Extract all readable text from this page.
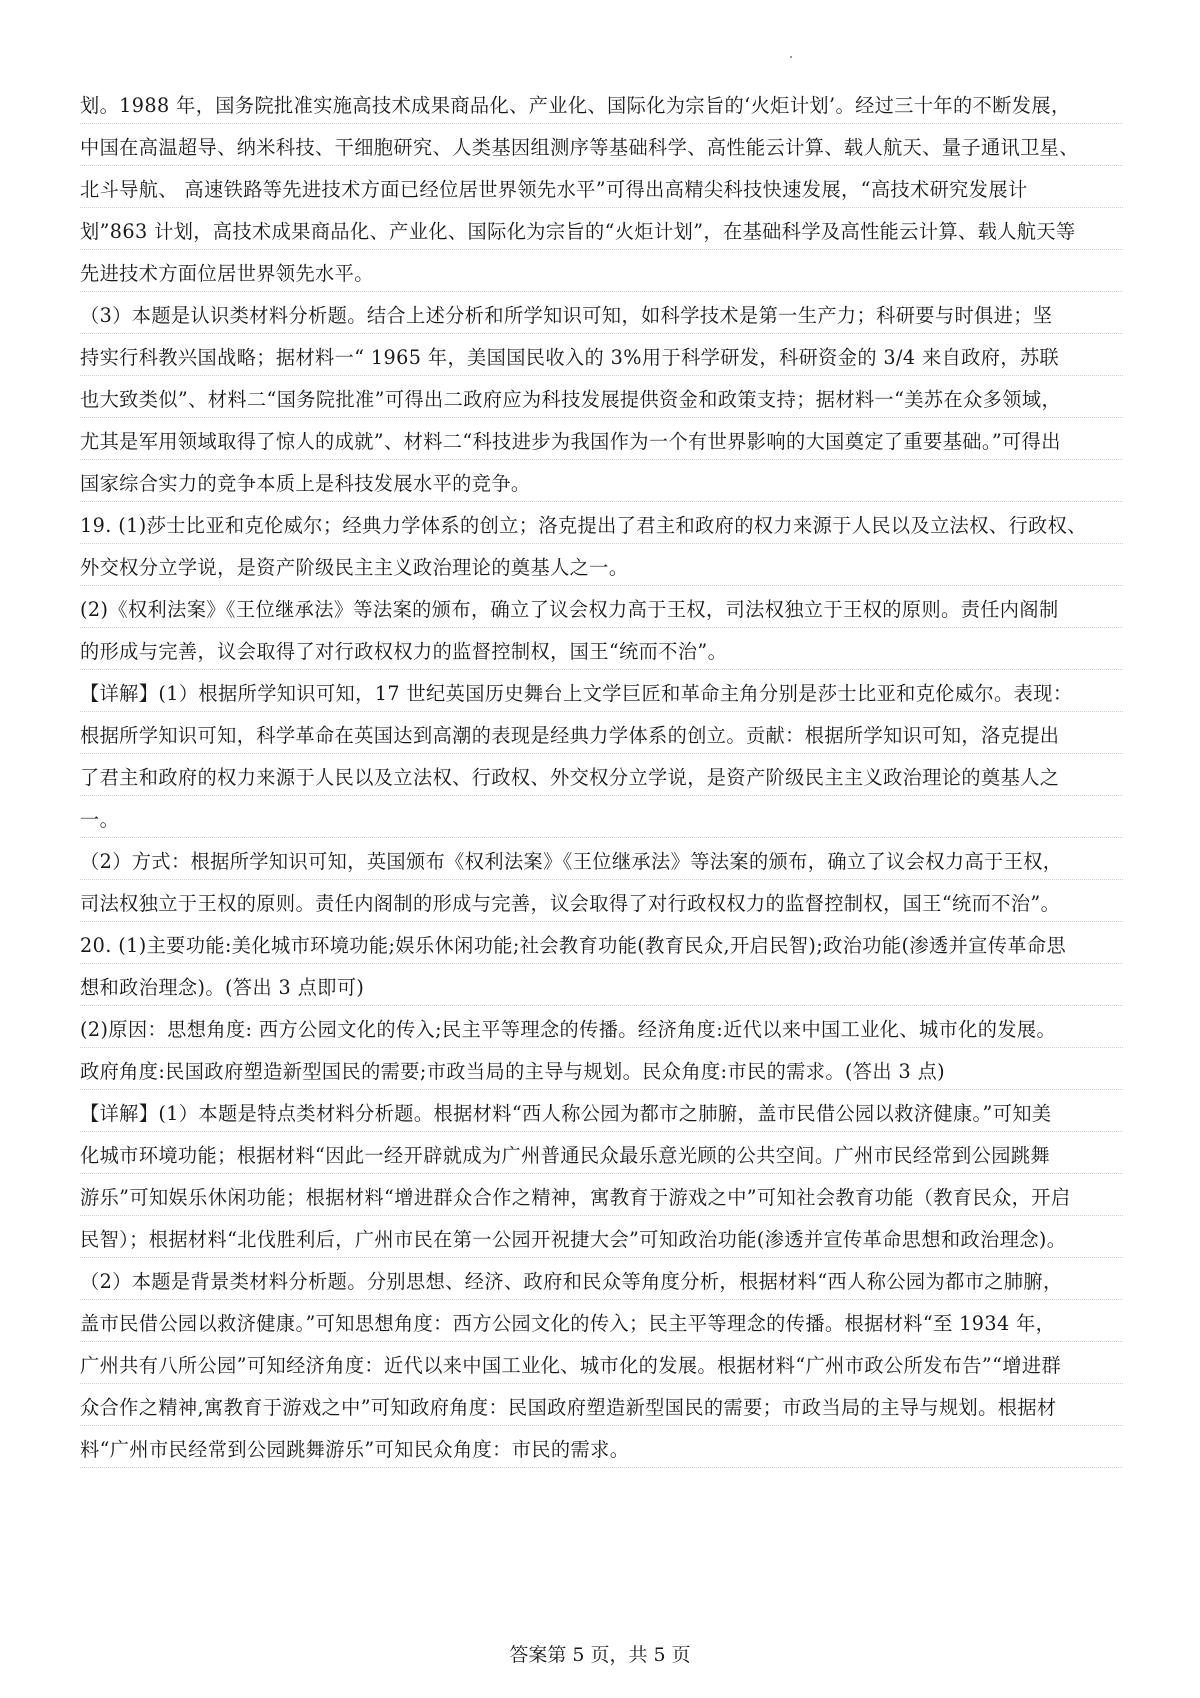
划。1988 年，国务院批准实施高技术成果商品化、产业化、国际化为宗旨的‘火炬计划’。经过三十年的不断发展，
中国在高温超导、纳米科技、干细胞研究、人类基因组测序等基础科学、高性能云计算、载人航天、量子通讯卫星、
北斗导航、 高速铁路等先进技术方面已经位居世界领先水平”可得出高精尖科技快速发展，“高技术研究发展计
划”863 计划，高技术成果商品化、产业化、国际化为宗旨的“火炬计划”，在基础科学及高性能云计算、载人航天等
先进技术方面位居世界领先水平。
（3）本题是认识类材料分析题。结合上述分析和所学知识可知，如科学技术是第一生产力；科研要与时俱进；坚
持实行科教兴国战略；据材料一“ 1965 年，美国国民收入的 3%用于科学研发，科研资金的 3/4 来自政府，苏联
也大致类似”、材料二“国务院批准”可得出二政府应为科技发展提供资金和政策支持；据材料一“美苏在众多领域，
尤其是军用领域取得了惊人的成就”、材料二“科技进步为我国作为一个有世界影响的大国奠定了重要基础。”可得出
国家综合实力的竞争本质上是科技发展水平的竞争。
19. (1)莎士比亚和克伦威尔；经典力学体系的创立；洛克提出了君主和政府的权力来源于人民以及立法权、行政权、
外交权分立学说，是资产阶级民主主义政治理论的奠基人之一。
(2)《权利法案》《王位继承法》等法案的颁布，确立了议会权力高于王权，司法权独立于王权的原则。责任内阁制
的形成与完善，议会取得了对行政权权力的监督控制权，国王“统而不治”。
【详解】(1）根据所学知识可知，17 世纪英国历史舞台上文学巨匠和革命主角分别是莎士比亚和克伦威尔。表现：
根据所学知识可知，科学革命在英国达到高潮的表现是经典力学体系的创立。贡献：根据所学知识可知，洛克提出
了君主和政府的权力来源于人民以及立法权、行政权、外交权分立学说，是资产阶级民主主义政治理论的奠基人之
一。
（2）方式：根据所学知识可知，英国颁布《权利法案》《王位继承法》等法案的颁布，确立了议会权力高于王权，
司法权独立于王权的原则。责任内阁制的形成与完善，议会取得了对行政权权力的监督控制权，国王“统而不治”。
20. (1)主要功能:美化城市环境功能;娱乐休闲功能;社会教育功能(教育民众,开启民智);政治功能(渗透并宣传革命思
想和政治理念)。(答出 3 点即可)
(2)原因：思想角度: 西方公园文化的传入;民主平等理念的传播。经济角度:近代以来中国工业化、城市化的发展。
政府角度:民国政府塑造新型国民的需要;市政当局的主导与规划。民众角度:市民的需求。(答出 3 点)
【详解】(1）本题是特点类材料分析题。根据材料“西人称公园为都市之肺腑，盖市民借公园以救济健康。”可知美
化城市环境功能；根据材料“因此一经开辟就成为广州普通民众最乐意光顾的公共空间。广州市民经常到公园跳舞
游乐”可知娱乐休闲功能；根据材料“增进群众合作之精神，寓教育于游戏之中”可知社会教育功能（教育民众，开启
民智）；根据材料“北伐胜利后，广州市民在第一公园开祝捷大会”可知政治功能(渗透并宣传革命思想和政治理念)。
（2）本题是背景类材料分析题。分别思想、经济、政府和民众等角度分析，根据材料“西人称公园为都市之肺腑，
盖市民借公园以救济健康。”可知思想角度：西方公园文化的传入；民主平等理念的传播。根据材料“至 1934 年，
广州共有八所公园”可知经济角度：近代以来中国工业化、城市化的发展。根据材料“广州市政公所发布告”“增进群
众合作之精神,寓教育于游戏之中”可知政府角度：民国政府塑造新型国民的需要；市政当局的主导与规划。根据材
料“广州市民经常到公园跳舞游乐”可知民众角度：市民的需求。
答案第 5 页，共 5 页
